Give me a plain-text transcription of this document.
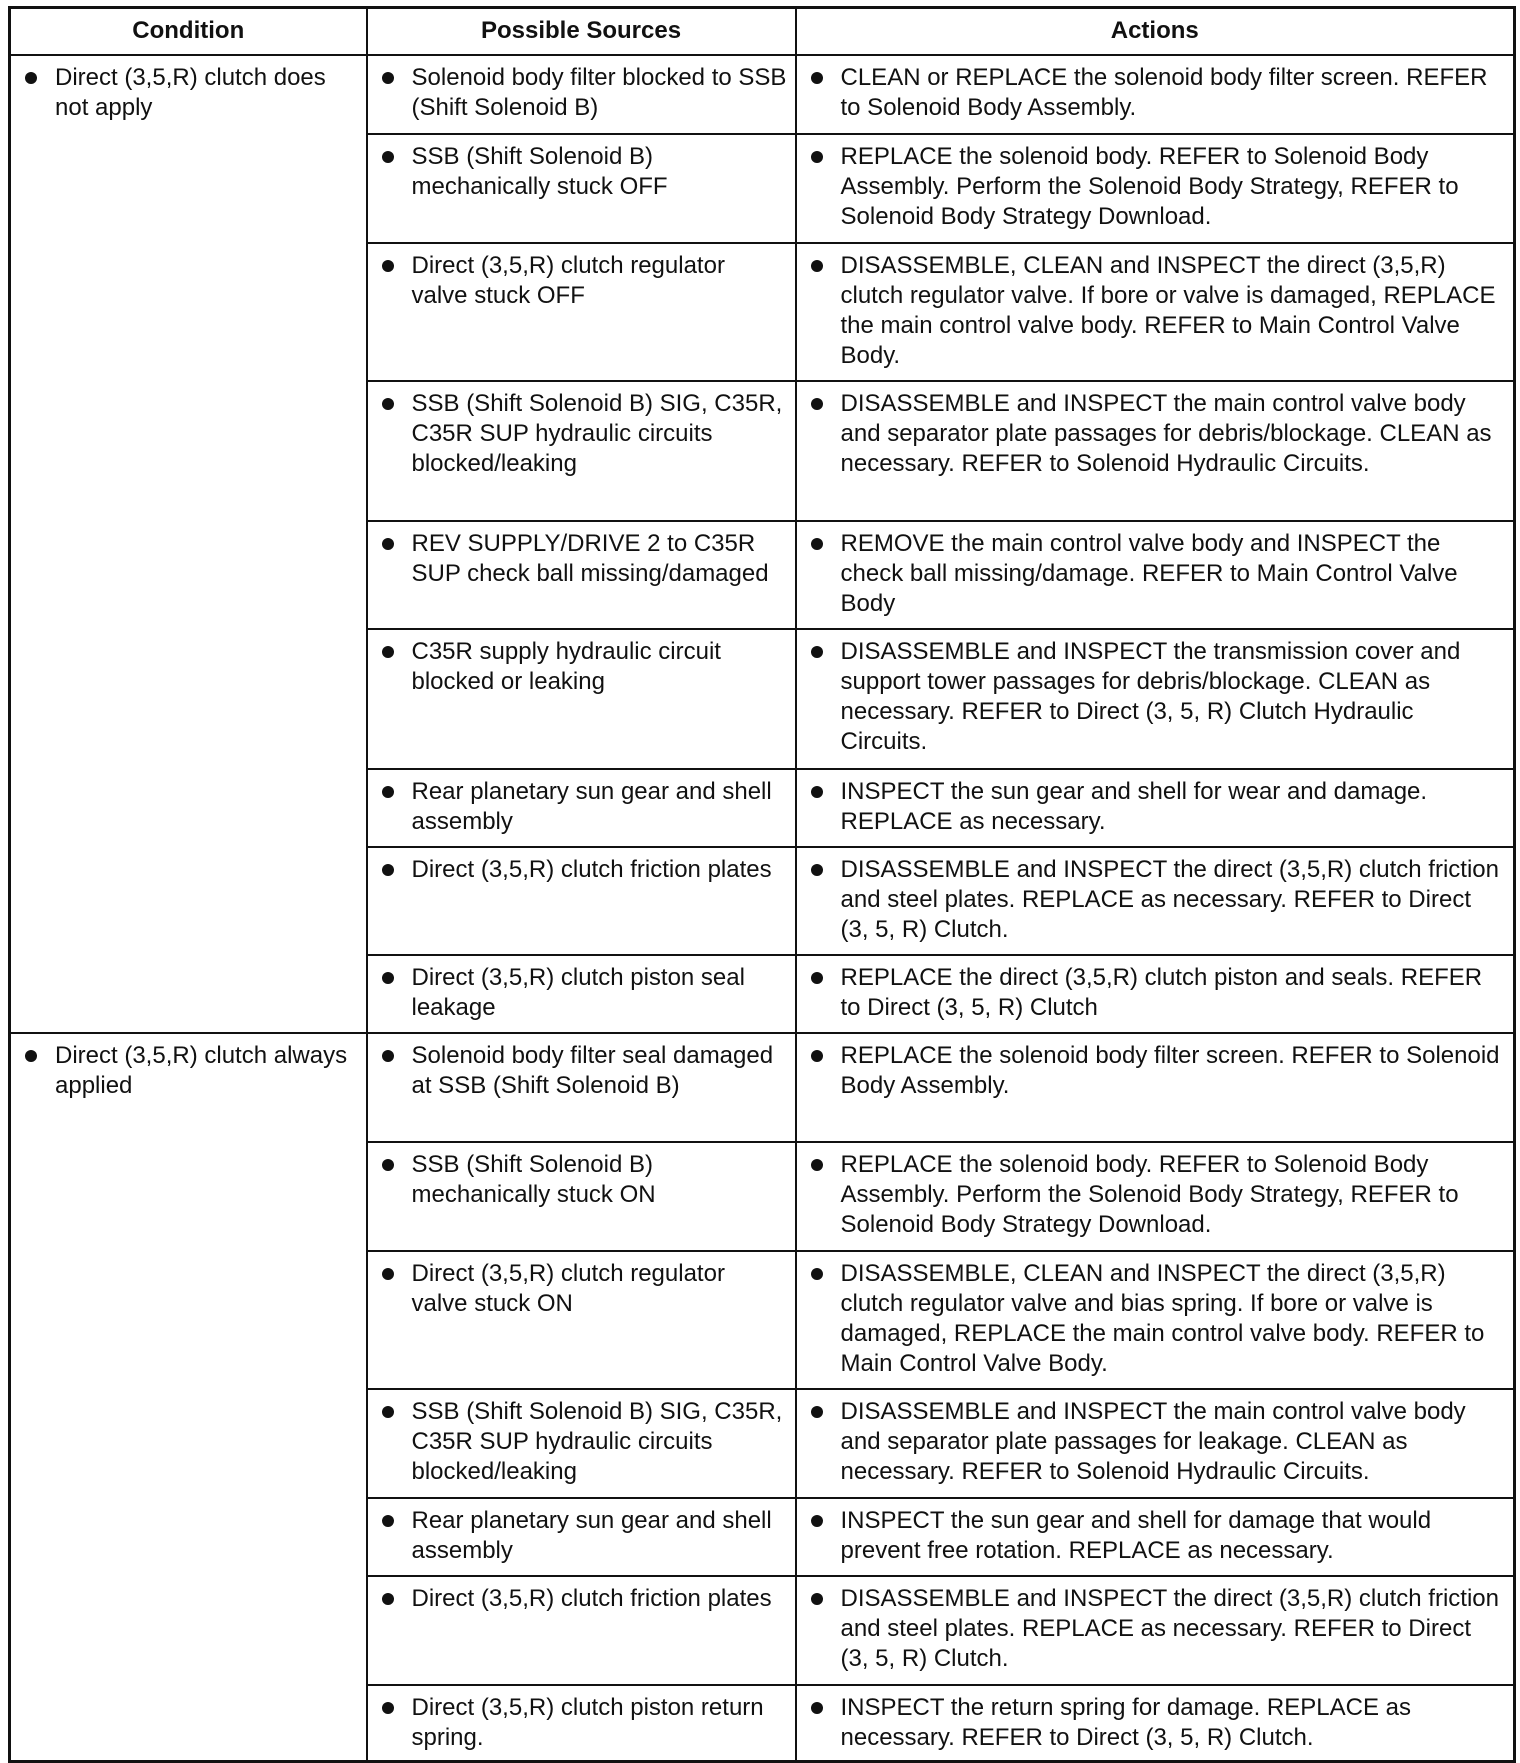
Condition	Possible Sources	Actions

Direct (3,5,R) clutch does not apply	Solenoid body filter blocked to SSB (Shift Solenoid B)	CLEAN or REPLACE the solenoid body filter screen. REFER to Solenoid Body Assembly.

	SSB (Shift Solenoid B) mechanically stuck OFF	REPLACE the solenoid body. REFER to Solenoid Body Assembly. Perform the Solenoid Body Strategy, REFER to Solenoid Body Strategy Download.

	Direct (3,5,R) clutch regulator valve stuck OFF	DISASSEMBLE, CLEAN and INSPECT the direct (3,5,R) clutch regulator valve. If bore or valve is damaged, REPLACE the main control valve body. REFER to Main Control Valve Body.

	SSB (Shift Solenoid B) SIG, C35R, C35R SUP hydraulic circuits blocked/leaking	DISASSEMBLE and INSPECT the main control valve body and separator plate passages for debris/blockage. CLEAN as necessary. REFER to Solenoid Hydraulic Circuits.

	REV SUPPLY/DRIVE 2 to C35R SUP check ball missing/damaged	REMOVE the main control valve body and INSPECT the check ball missing/damage. REFER to Main Control Valve Body

	C35R supply hydraulic circuit blocked or leaking	DISASSEMBLE and INSPECT the transmission cover and support tower passages for debris/blockage. CLEAN as necessary. REFER to Direct (3, 5, R) Clutch Hydraulic Circuits.

	Rear planetary sun gear and shell assembly	INSPECT the sun gear and shell for wear and damage. REPLACE as necessary.

	Direct (3,5,R) clutch friction plates	DISASSEMBLE and INSPECT the direct (3,5,R) clutch friction and steel plates. REPLACE as necessary. REFER to Direct (3, 5, R) Clutch.

	Direct (3,5,R) clutch piston seal leakage	REPLACE the direct (3,5,R) clutch piston and seals. REFER to Direct (3, 5, R) Clutch

Direct (3,5,R) clutch always applied	Solenoid body filter seal damaged at SSB (Shift Solenoid B)	REPLACE the solenoid body filter screen. REFER to Solenoid Body Assembly.

	SSB (Shift Solenoid B) mechanically stuck ON	REPLACE the solenoid body. REFER to Solenoid Body Assembly. Perform the Solenoid Body Strategy, REFER to Solenoid Body Strategy Download.

	Direct (3,5,R) clutch regulator valve stuck ON	DISASSEMBLE, CLEAN and INSPECT the direct (3,5,R) clutch regulator valve and bias spring. If bore or valve is damaged, REPLACE the main control valve body. REFER to Main Control Valve Body.

	SSB (Shift Solenoid B) SIG, C35R, C35R SUP hydraulic circuits blocked/leaking	DISASSEMBLE and INSPECT the main control valve body and separator plate passages for leakage. CLEAN as necessary. REFER to Solenoid Hydraulic Circuits.

	Rear planetary sun gear and shell assembly	INSPECT the sun gear and shell for damage that would prevent free rotation. REPLACE as necessary.

	Direct (3,5,R) clutch friction plates	DISASSEMBLE and INSPECT the direct (3,5,R) clutch friction and steel plates. REPLACE as necessary. REFER to Direct (3, 5, R) Clutch.

	Direct (3,5,R) clutch piston return spring.	INSPECT the return spring for damage. REPLACE as necessary. REFER to Direct (3, 5, R) Clutch.
